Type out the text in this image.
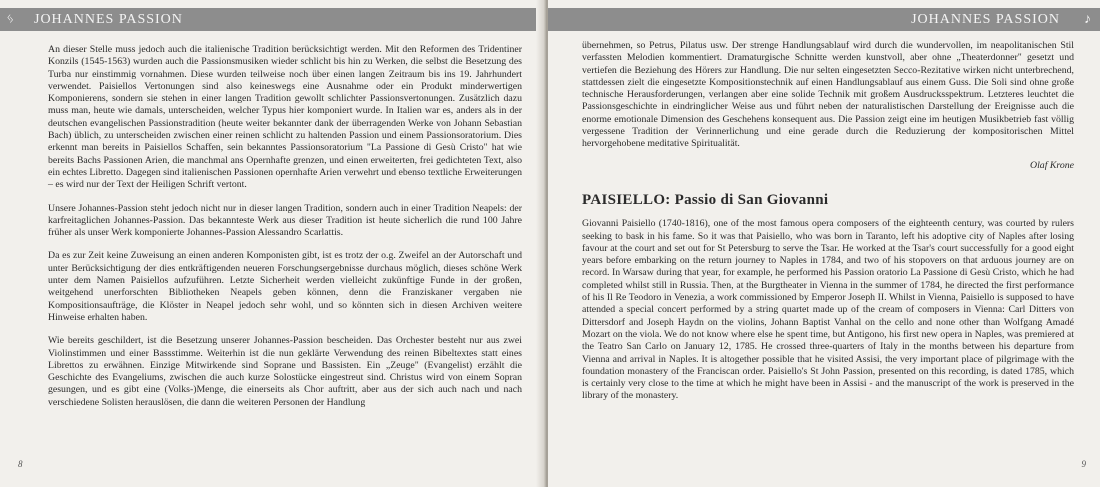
ᛃ	JOHANNES PASSION

An dieser Stelle muss jedoch auch die italienische Tradition berücksichtigt werden. Mit den Reformen des Tridentiner Konzils (1545-1563) wurden auch die Passionsmusiken wieder schlicht bis hin zu Werken, die selbst die Besetzung des Turba nur einstimmig vornahmen. Diese wurden teilweise noch über einen langen Zeitraum bis ins 19. Jahrhundert verwendet. Paisiellos Vertonungen sind also keineswegs eine Ausnahme oder ein Produkt minderwertigen Komponierens, sondern sie stehen in einer langen Tradition gewollt schlichter Passionsvertonungen. Zusätzlich dazu muss man, heute wie damals, unterscheiden, welcher Typus hier komponiert wurde. In Italien war es, anders als in der deutschen evangelischen Passionstradition (heute weiter bekannter dank der überragenden Werke von Johann Sebastian Bach) üblich, zu unterscheiden zwischen einer reinen schlicht zu haltenden Passion und einem Passionsoratorium. Dies erkennt man bereits in Paisiellos Schaffen, sein bekanntes Passionsoratorium "La Passione di Gesù Cristo" hat wie bereits Bachs Passionen Arien, die manchmal ans Opernhafte grenzen, und einen erweiterten, frei gedichteten Text, also ein echtes Libretto. Dagegen sind italienischen Passionen opernhafte Arien verwehrt und ebenso textliche Erweiterungen – es wird nur der Text der Heiligen Schrift vertont.

Unsere Johannes-Passion steht jedoch nicht nur in dieser langen Tradition, sondern auch in einer Tradition Neapels: der karfreitaglichen Johannes-Passion. Das bekannteste Werk aus dieser Tradition ist heute sicherlich die rund 100 Jahre früher als unser Werk komponierte Johannes-Passion Alessandro Scarlattis.

Da es zur Zeit keine Zuweisung an einen anderen Komponisten gibt, ist es trotz der o.g. Zweifel an der Autorschaft und unter Berücksichtigung der dies entkräftigenden neueren Forschungsergebnisse durchaus möglich, dieses schöne Werk unter dem Namen Paisiellos aufzuführen. Letzte Sicherheit werden vielleicht zukünftige Funde in der großen, weitgehend unerforschten Bibliotheken Neapels geben können, denn die Franziskaner vergaben nie Kompositionsaufträge, die Klöster in Neapel jedoch sehr wohl, und so könnten sich in diesen Archiven weitere Hinweise erhalten haben.

Wie bereits geschildert, ist die Besetzung unserer Johannes-Passion bescheiden. Das Orchester besteht nur aus zwei Violinstimmen und einer Bassstimme. Weiterhin ist die nun geklärte Verwendung des reinen Bibeltextes statt eines Librettos zu erwähnen. Einzige Mitwirkende sind Soprane und Bassisten. Ein „Zeuge" (Evangelist) erzählt die Geschichte des Evangeliums, zwischen die auch kurze Solostücke eingestreut sind. Christus wird von einem Sopran gesungen, und es gibt eine (Volks-)Menge, die einerseits als Chor auftritt, aber aus der sich auch nach und nach verschiedene Solisten herauslösen, die dann die weiteren Personen der Handlung

8
JOHANNES PASSION	♪

übernehmen, so Petrus, Pilatus usw. Der strenge Handlungsablauf wird durch die wundervollen, im neapolitanischen Stil verfassten Melodien kommentiert. Dramaturgische Schnitte werden kunstvoll, aber ohne „Theaterdonner" gesetzt und vertiefen die Beziehung des Hörers zur Handlung. Die nur selten eingesetzten Secco-Rezitative wirken nicht unterbrechend, stattdessen zielt die eingesetzte Kompositionstechnik auf einen Handlungsablauf aus einem Guss. Die Soli sind ohne große technische Herausforderungen, verlangen aber eine solide Technik mit großem Ausdrucksspektrum. Letzteres leuchtet die Passionsgeschichte in eindringlicher Weise aus und führt neben der naturalistischen Darstellung der Ereignisse auch die enorme emotionale Dimension des Geschehens konsequent aus. Die Passion zeigt eine im heutigen Musikbetrieb fast völlig vergessene Tradition der Verinnerlichung und eine gerade durch die Reduzierung der kompositorischen Mittel hervorgehobene meditative Spiritualität.

Olaf Krone

PAISIELLO: Passio di San Giovanni

Giovanni Paisiello (1740-1816), one of the most famous opera composers of the eighteenth century, was courted by rulers seeking to bask in his fame. So it was that Paisiello, who was born in Taranto, left his adoptive city of Naples after losing favour at the court and set out for St Petersburg to serve the Tsar. He worked at the Tsar's court successfully for a good eight years before embarking on the return journey to Naples in 1784, and two of his stopovers on that arduous journey are on record. In Warsaw during that year, for example, he performed his Passion oratorio La Passione di Gesù Cristo, which he had completed whilst still in Russia. Then, at the Burgtheater in Vienna in the summer of 1784, he directed the first performance of his Il Re Teodoro in Venezia, a work commissioned by Emperor Joseph II. Whilst in Vienna, Paisiello is supposed to have attended a special concert performed by a string quartet made up of the cream of composers in Vienna: Carl Ditters von Dittersdorf and Joseph Haydn on the violins, Johann Baptist Vanhal on the cello and none other than Wolfgang Amadé Mozart on the viola. We do not know where else he spent time, but Antigono, his first new opera in Naples, was premiered at the Teatro San Carlo on January 12, 1785. He crossed three-quarters of Italy in the months between his departure from Vienna and arrival in Naples. It is altogether possible that he visited Assisi, the very important place of pilgrimage with the foundation monastery of the Franciscan order. Paisiello's St John Passion, presented on this recording, is dated 1785, which is certainly very close to the time at which he might have been in Assisi - and the manuscript of the work is preserved in the library of the monastery.

9
